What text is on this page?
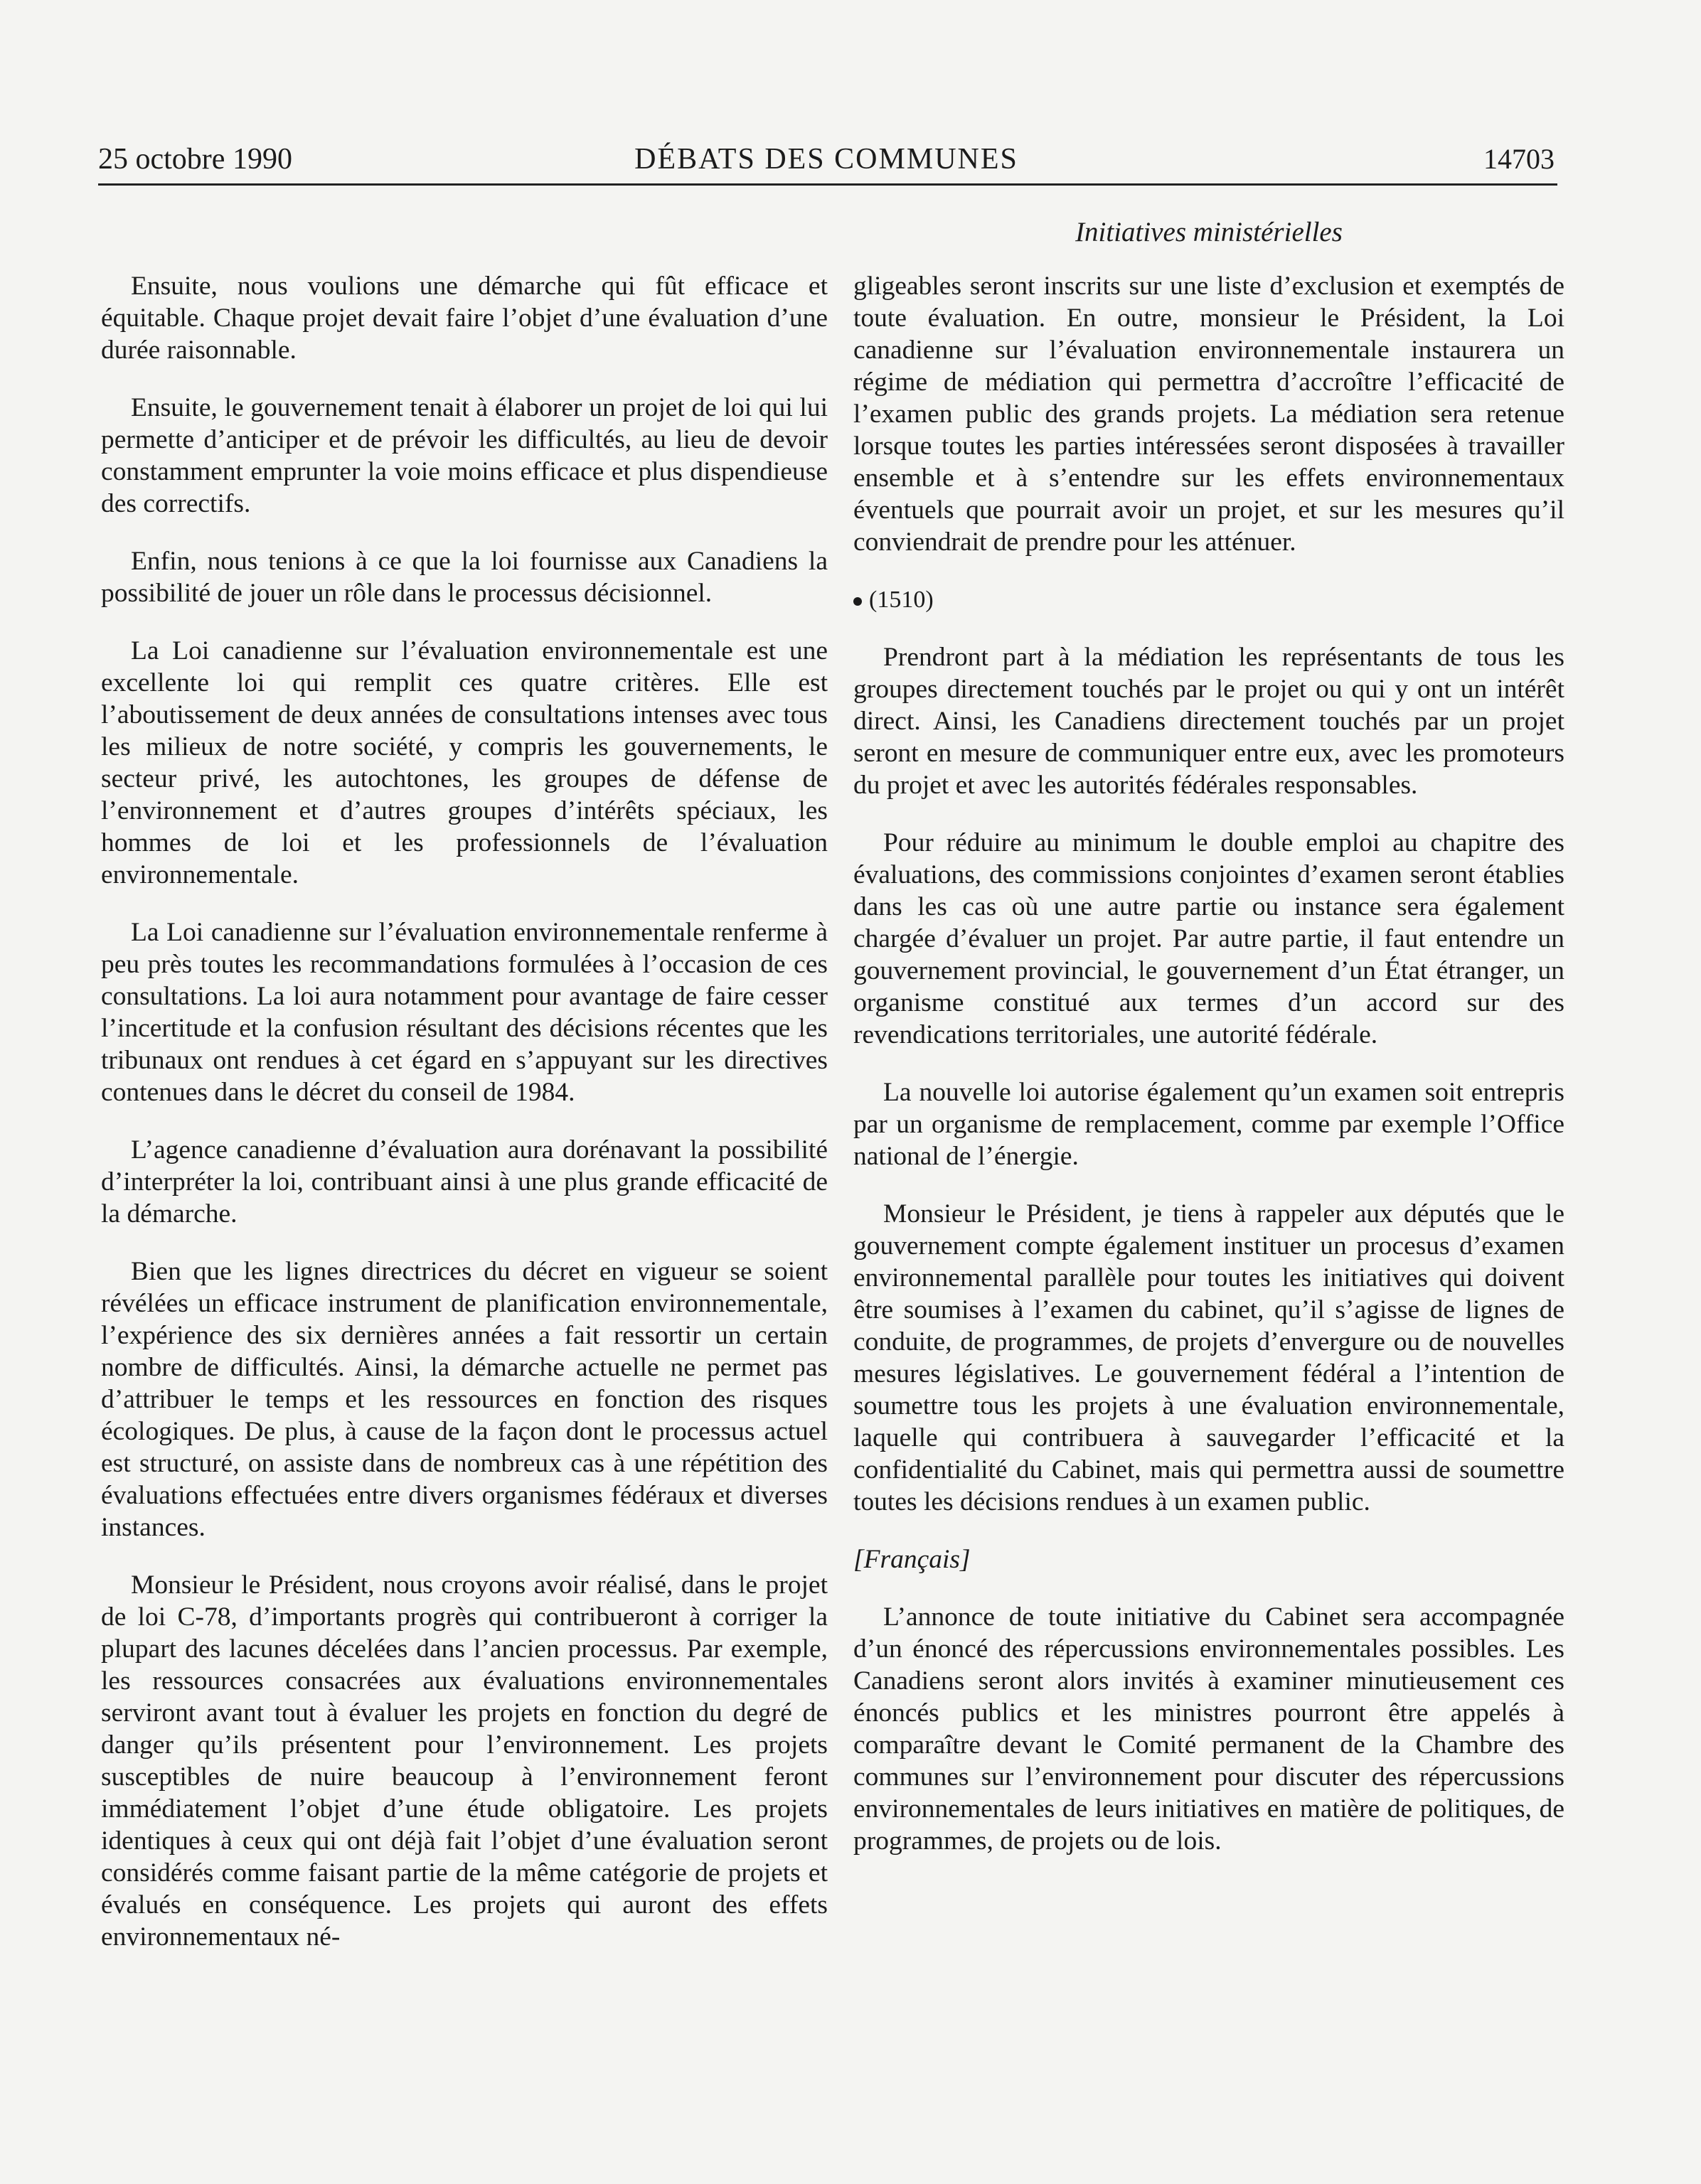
25 octobre 1990	DÉBATS DES COMMUNES	14703
Initiatives ministérielles

Ensuite, nous voulions une démarche qui fût efficace et équitable. Chaque projet devait faire l’objet d’une évaluation d’une durée raisonnable.

Ensuite, le gouvernement tenait à élaborer un projet de loi qui lui permette d’anticiper et de prévoir les difficultés, au lieu de devoir constamment emprunter la voie moins efficace et plus dispendieuse des correctifs.

Enfin, nous tenions à ce que la loi fournisse aux Canadiens la possibilité de jouer un rôle dans le processus décisionnel.

La Loi canadienne sur l’évaluation environnementale est une excellente loi qui remplit ces quatre critères. Elle est l’aboutissement de deux années de consultations intenses avec tous les milieux de notre société, y compris les gouvernements, le secteur privé, les autochtones, les groupes de défense de l’environnement et d’autres groupes d’intérêts spéciaux, les hommes de loi et les professionnels de l’évaluation environnementale.

La Loi canadienne sur l’évaluation environnementale renferme à peu près toutes les recommandations formulées à l’occasion de ces consultations. La loi aura notamment pour avantage de faire cesser l’incertitude et la confusion résultant des décisions récentes que les tribunaux ont rendues à cet égard en s’appuyant sur les directives contenues dans le décret du conseil de 1984.

L’agence canadienne d’évaluation aura dorénavant la possibilité d’interpréter la loi, contribuant ainsi à une plus grande efficacité de la démarche.

Bien que les lignes directrices du décret en vigueur se soient révélées un efficace instrument de planification environnementale, l’expérience des six dernières années a fait ressortir un certain nombre de difficultés. Ainsi, la démarche actuelle ne permet pas d’attribuer le temps et les ressources en fonction des risques écologiques. De plus, à cause de la façon dont le processus actuel est structuré, on assiste dans de nombreux cas à une répétition des évaluations effectuées entre divers organismes fédéraux et diverses instances.

Monsieur le Président, nous croyons avoir réalisé, dans le projet de loi C-78, d’importants progrès qui contribueront à corriger la plupart des lacunes décelées dans l’ancien processus. Par exemple, les ressources consacrées aux évaluations environnementales serviront avant tout à évaluer les projets en fonction du degré de danger qu’ils présentent pour l’environnement. Les projets susceptibles de nuire beaucoup à l’environnement feront immédiatement l’objet d’une étude obligatoire. Les projets identiques à ceux qui ont déjà fait l’objet d’une évaluation seront considérés comme faisant partie de la même catégorie de projets et évalués en conséquence. Les projets qui auront des effets environnementaux né-

gligeables seront inscrits sur une liste d’exclusion et exemptés de toute évaluation. En outre, monsieur le Président, la Loi canadienne sur l’évaluation environnementale instaurera un régime de médiation qui permettra d’accroître l’efficacité de l’examen public des grands projets. La médiation sera retenue lorsque toutes les parties intéressées seront disposées à travailler ensemble et à s’entendre sur les effets environnementaux éventuels que pourrait avoir un projet, et sur les mesures qu’il conviendrait de prendre pour les atténuer.

(1510)

Prendront part à la médiation les représentants de tous les groupes directement touchés par le projet ou qui y ont un intérêt direct. Ainsi, les Canadiens directement touchés par un projet seront en mesure de communiquer entre eux, avec les promoteurs du projet et avec les autorités fédérales responsables.

Pour réduire au minimum le double emploi au chapitre des évaluations, des commissions conjointes d’examen seront établies dans les cas où une autre partie ou instance sera également chargée d’évaluer un projet. Par autre partie, il faut entendre un gouvernement provincial, le gouvernement d’un État étranger, un organisme constitué aux termes d’un accord sur des revendications territoriales, une autorité fédérale.

La nouvelle loi autorise également qu’un examen soit entrepris par un organisme de remplacement, comme par exemple l’Office national de l’énergie.

Monsieur le Président, je tiens à rappeler aux députés que le gouvernement compte également instituer un procesus d’examen environnemental parallèle pour toutes les initiatives qui doivent être soumises à l’examen du cabinet, qu’il s’agisse de lignes de conduite, de programmes, de projets d’envergure ou de nouvelles mesures législatives. Le gouvernement fédéral a l’intention de soumettre tous les projets à une évaluation environnementale, laquelle qui contribuera à sauvegarder l’efficacité et la confidentialité du Cabinet, mais qui permettra aussi de soumettre toutes les décisions rendues à un examen public.

[Français]

L’annonce de toute initiative du Cabinet sera accompagnée d’un énoncé des répercussions environnementales possibles. Les Canadiens seront alors invités à examiner minutieusement ces énoncés publics et les ministres pourront être appelés à comparaître devant le Comité permanent de la Chambre des communes sur l’environnement pour discuter des répercussions environnementales de leurs initiatives en matière de politiques, de programmes, de projets ou de lois.
